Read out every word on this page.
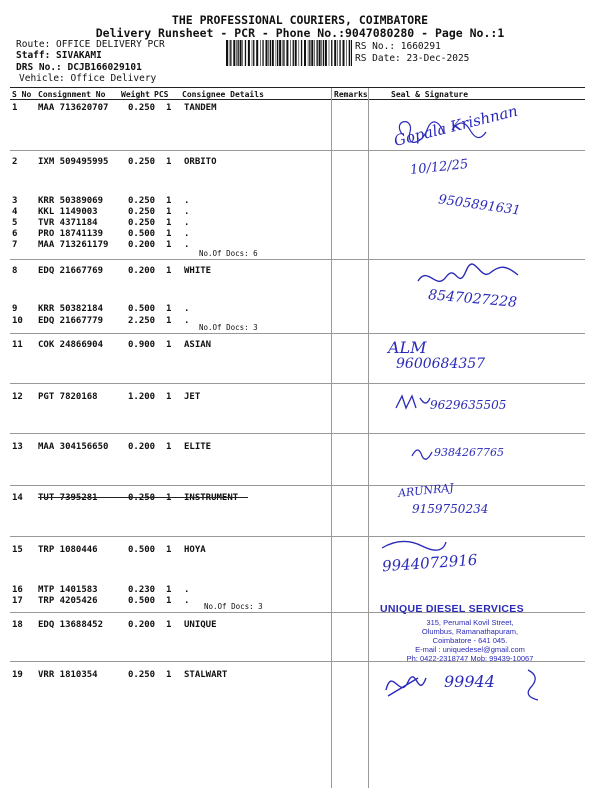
THE PROFESSIONAL COURIERS, COIMBATORE
Delivery Runsheet - PCR - Phone No.:9047080280 - Page No.:1
Route: OFFICE DELIVERY PCR
Staff: SIVAKAMI
DRS No.: DCJB166029101
Vehicle: Office Delivery
RS No.: 1660291
RS Date: 23-Dec-2025
S No Consignment No Weight PCS Consignee Details	Remarks	Seal & Signature
1 MAA 713620707 0.250 1 TANDEM
2 IXM 509495995 0.250 1 ORBITO
3 KRR 50389069	0.250 1 .
4 KKL 1149003	0.250 1 .
5 TVR 4371184	0.250 1 .
6 PRO 18741139	0.500 1 .
7 MAA 713261179 0.200 1 .
8 EDQ 21667769	0.200 1 WHITE
9 KRR 50382184	0.500 1 .
10 EDQ 21667779	2.250 1 .
11 COK 24866904	0.900 1 ASIAN
12 PGT 7820168	1.200 1 JET
13 MAA 304156650 0.200 1 ELITE
14 TUT 7395281	0.250 1 INSTRUMENT
15 TRP 1080446	0.500 1 HOYA
16 MTP 1401583	0.230 1 .
17 TRP 4205426	0.500 1 .
18 EDQ 13688452	0.200 1 UNIQUE
19 VRR 1810354	0.250 1 STALWART
No.Of Docs: 6
No.Of Docs: 3
No.Of Docs: 3
Gopala Krishnan
10/12/25
9505891631
8547027228
ALM
9600684357
9629635505
9384267765
ARUNRAJ
9159750234
9944072916
UNIQUE DIESEL SERVICES
315, Perumal Kovil Street,
Olumbus, Ramanathapuram,
Coimbatore - 641 045.
E-mail : uniquedesel@gmail.com
Ph: 0422-2318747 Mob: 99439-10067
99944
